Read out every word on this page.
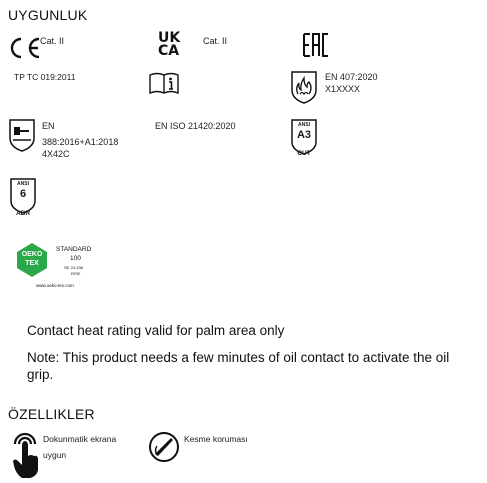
UYGUNLUK
Cat. II	UK
CA
Cat. II
TP TC 019:2011	EN 407:2020
X1XXXX
EN
388:2016+A1:2018
4X42C
EN ISO 21420:2020	ANSI
A3
CUT
ANSI
6
ABR
OEKO
TEX
STANDARD
100
SE 24-338
RISE
www.oeko-tex.com
Contact heat rating valid for palm area only
Note: This product needs a few minutes of oil contact to activate the oil grip.
ÖZELLIKLER
Dokunmatik ekrana
uygun
Kesme koruması
